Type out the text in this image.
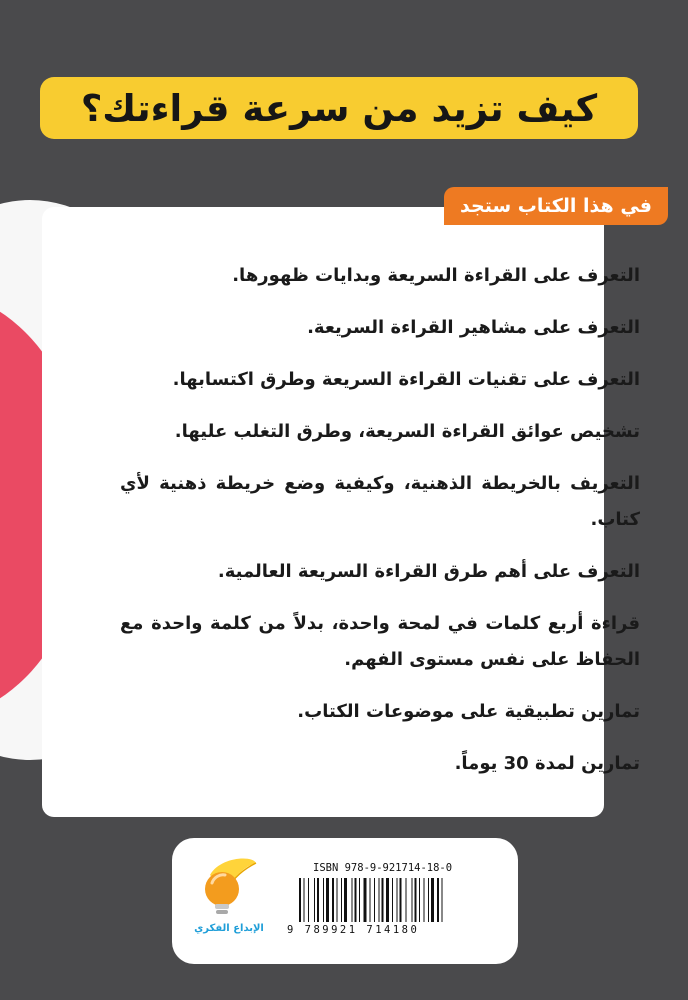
كيف تزيد من سرعة قراءتك؟
في هذا الكتاب ستجد
التعرف على القراءة السريعة وبدايات ظهورها.
التعرف على مشاهير القراءة السريعة.
التعرف على تقنيات القراءة السريعة وطرق اكتسابها.
تشخيص عوائق القراءة السريعة، وطرق التغلب عليها.
التعريف بالخريطة الذهنية، وكيفية وضع خريطة ذهنية لأي كتاب.
التعرف على أهم طرق القراءة السريعة العالمية.
قراءة أربع كلمات في لمحة واحدة، بدلاً من كلمة واحدة مع الحفاظ على نفس مستوى الفهم.
تمارين تطبيقية على موضوعات الكتاب.
تمارين لمدة 30 يوماً.
الإبداع الفكري
ISBN 978-9-921714-18-0
9 789921 714180
